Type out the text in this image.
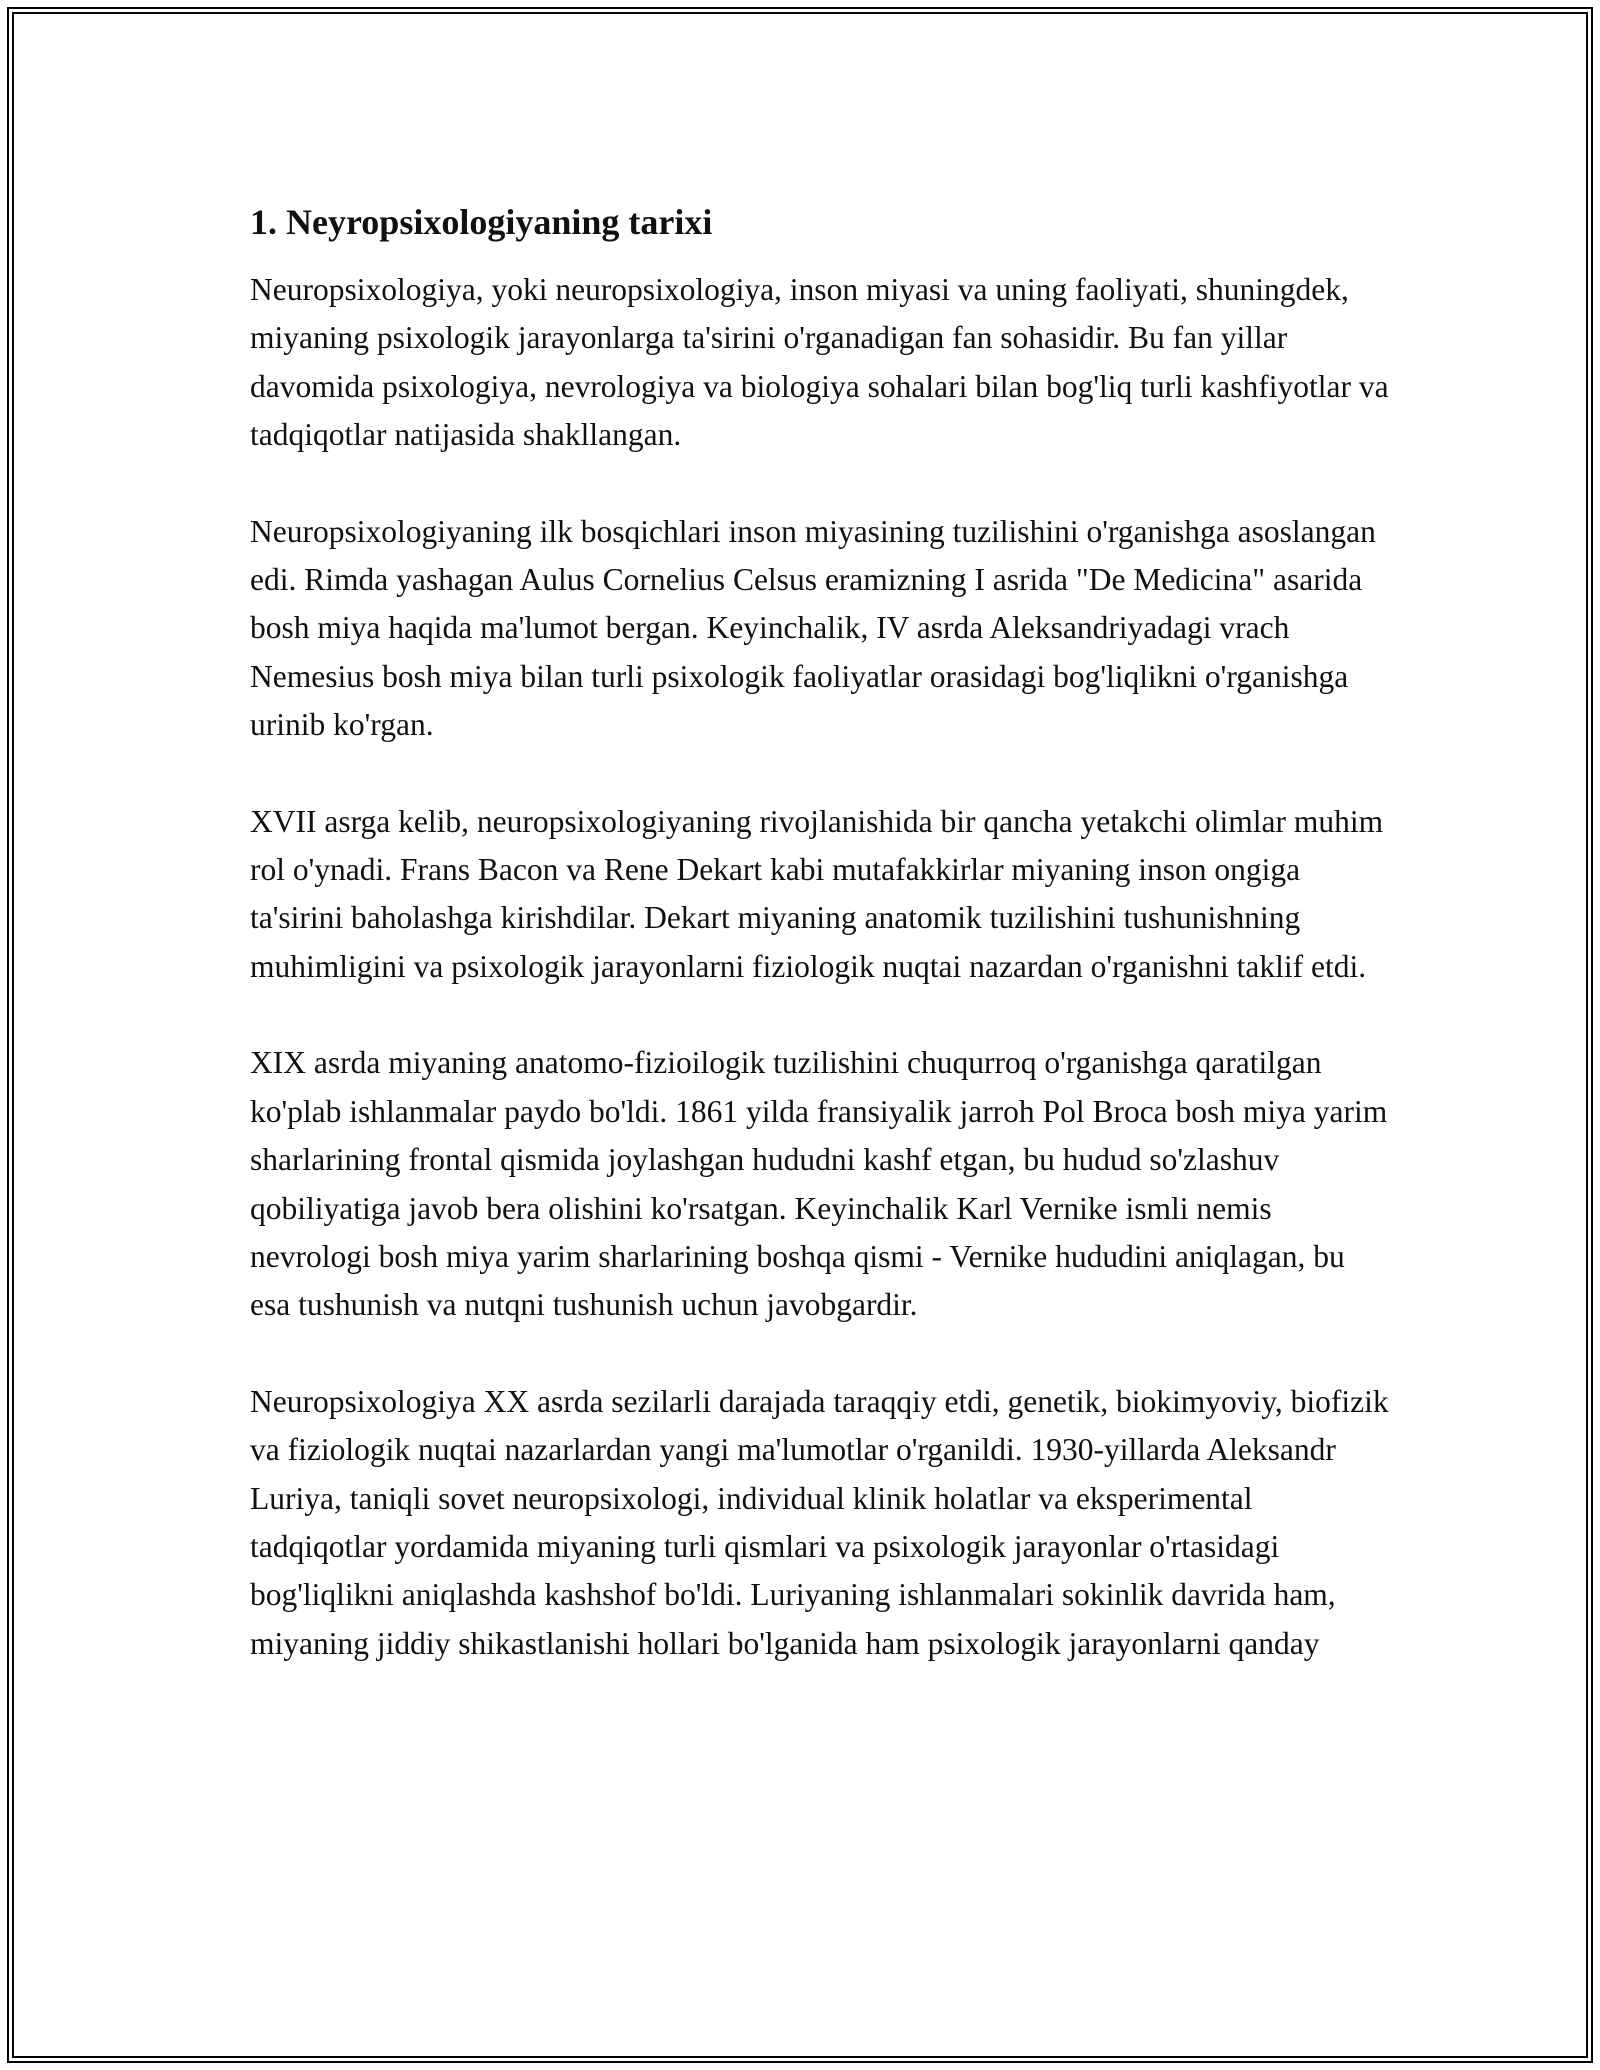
1. Neyropsixologiyaning tarixi

Neuropsixologiya, yoki neuropsixologiya, inson miyasi va uning faoliyati, shuningdek, miyaning psixologik jarayonlarga ta'sirini o'rganadigan fan sohasidir. Bu fan yillar davomida psixologiya, nevrologiya va biologiya sohalari bilan bog'liq turli kashfiyotlar va tadqiqotlar natijasida shakllangan.

Neuropsixologiyaning ilk bosqichlari inson miyasining tuzilishini o'rganishga asoslangan edi. Rimda yashagan Aulus Cornelius Celsus eramizning I asrida "De Medicina" asarida bosh miya haqida ma'lumot bergan. Keyinchalik, IV asrda Aleksandriyadagi vrach Nemesius bosh miya bilan turli psixologik faoliyatlar orasidagi bog'liqlikni o'rganishga urinib ko'rgan.

XVII asrga kelib, neuropsixologiyaning rivojlanishida bir qancha yetakchi olimlar muhim rol o'ynadi. Frans Bacon va Rene Dekart kabi mutafakkirlar miyaning inson ongiga ta'sirini baholashga kirishdilar. Dekart miyaning anatomik tuzilishini tushunishning muhimligini va psixologik jarayonlarni fiziologik nuqtai nazardan o'rganishni taklif etdi.

XIX asrda miyaning anatomo-fizioilogik tuzilishini chuqurroq o'rganishga qaratilgan ko'plab ishlanmalar paydo bo'ldi. 1861 yilda fransiyalik jarroh Pol Broca bosh miya yarim sharlarining frontal qismida joylashgan hududni kashf etgan, bu hudud so'zlashuv qobiliyatiga javob bera olishini ko'rsatgan. Keyinchalik Karl Vernike ismli nemis nevrologi bosh miya yarim sharlarining boshqa qismi - Vernike hududini aniqlagan, bu esa tushunish va nutqni tushunish uchun javobgardir.

Neuropsixologiya XX asrda sezilarli darajada taraqqiy etdi, genetik, biokimyoviy, biofizik va fiziologik nuqtai nazarlardan yangi ma'lumotlar o'rganildi. 1930-yillarda Aleksandr Luriya, taniqli sovet neuropsixologi, individual klinik holatlar va eksperimental tadqiqotlar yordamida miyaning turli qismlari va psixologik jarayonlar o'rtasidagi bog'liqlikni aniqlashda kashshof bo'ldi. Luriyaning ishlanmalari sokinlik davrida ham, miyaning jiddiy shikastlanishi hollari bo'lganida ham psixologik jarayonlarni qanday
